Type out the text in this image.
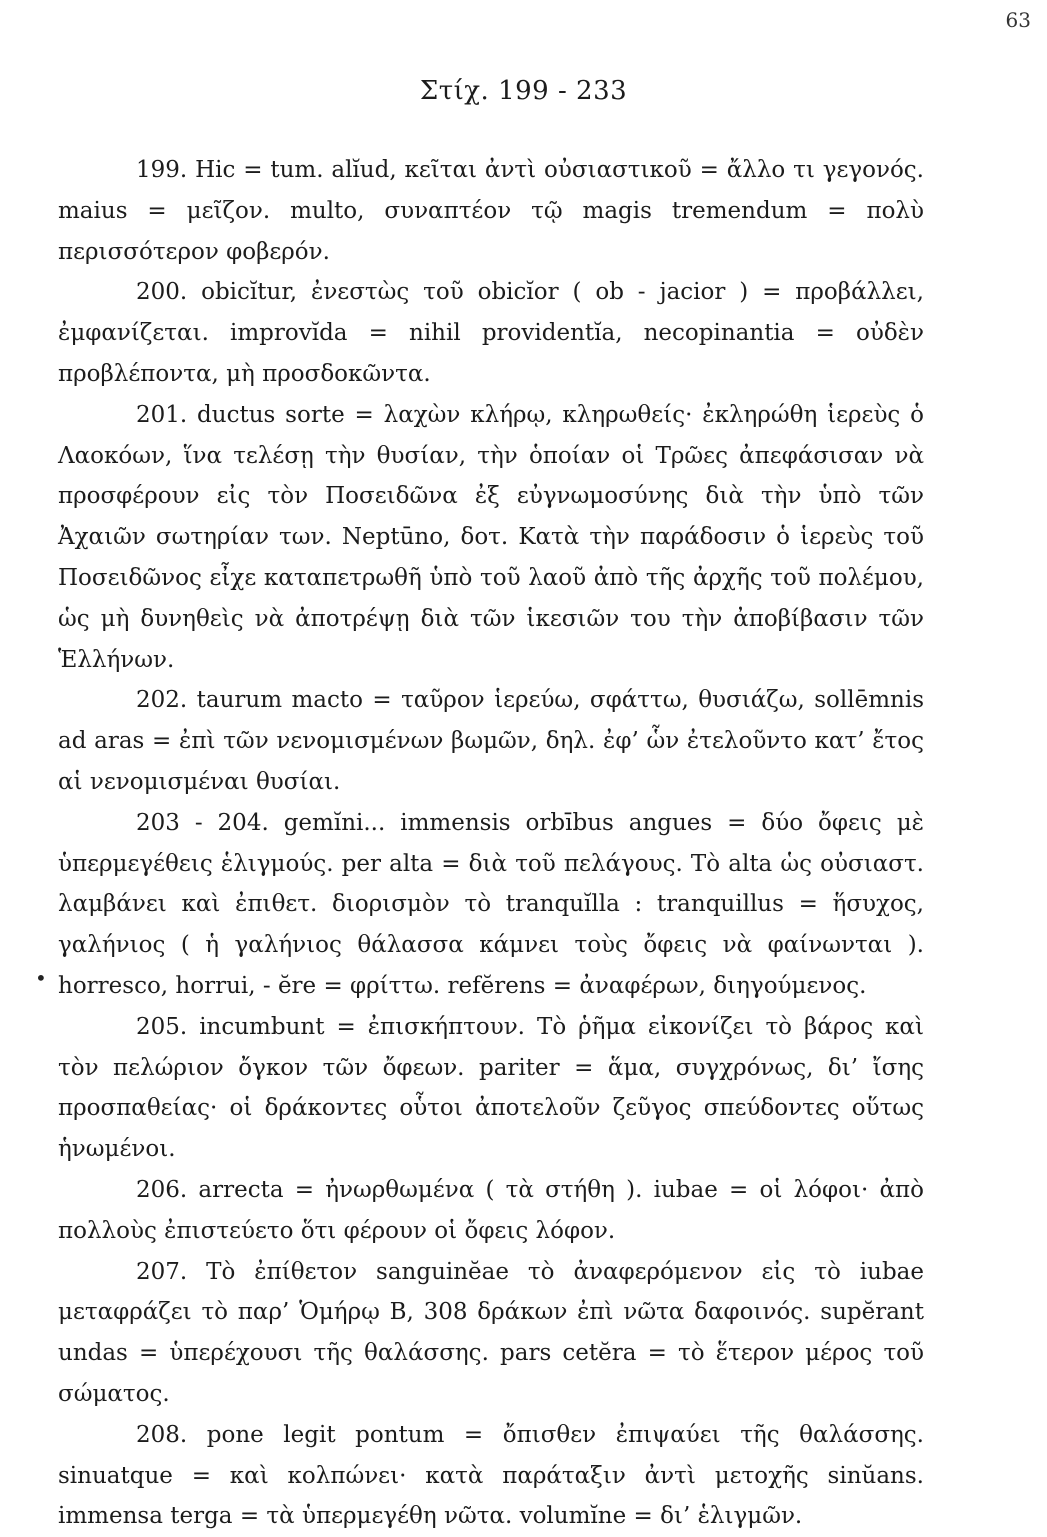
63
Στίχ. 199 - 233

199. Hic = tum. alĭud, κεῖται ἀντὶ οὐσιαστικοῦ = ἄλλο τι γεγονός. maius = μεῖζον. multo, συναπτέον τῷ magis tremendum = πολὺ περισσότερον φοβερόν.

200. obicĭtur, ἐνεστὼς τοῦ obicĭor ( ob - jacior ) = προβάλλει, ἐμφανίζεται. improvĭda = nihil providentĭa, necopinantia = οὐδὲν προβλέποντα, μὴ προσδοκῶντα.

201. ductus sorte = λαχὼν κλήρῳ, κληρωθείς· ἐκληρώθη ἱερεὺς ὁ Λαοκόων, ἵνα τελέσῃ τὴν θυσίαν, τὴν ὁποίαν οἱ Τρῶες ἀπεφάσισαν νὰ προσφέρουν εἰς τὸν Ποσειδῶνα ἐξ εὐγνωμοσύνης διὰ τὴν ὑπὸ τῶν Ἀχαιῶν σωτηρίαν των. Neptūno, δοτ. Κατὰ τὴν παράδοσιν ὁ ἱερεὺς τοῦ Ποσειδῶνος εἶχε καταπετρωθῆ ὑπὸ τοῦ λαοῦ ἀπὸ τῆς ἀρχῆς τοῦ πολέμου, ὡς μὴ δυνηθεὶς νὰ ἀποτρέψῃ διὰ τῶν ἱκεσιῶν του τὴν ἀποβίβασιν τῶν Ἑλλήνων.

202. taurum macto = ταῦρον ἱερεύω, σφάττω, θυσιάζω, sollēmnis ad aras = ἐπὶ τῶν νενομισμένων βωμῶν, δηλ. ἐφ’ ὧν ἐτελοῦντο κατ’ ἔτος αἱ νενομισμέναι θυσίαι.

203 - 204. gemĭni... immensis orbībus angues = δύο ὄφεις μὲ ὑπερμεγέθεις ἑλιγμούς. per alta = διὰ τοῦ πελάγους. Τὸ alta ὡς οὐσιαστ. λαμβάνει καὶ ἐπιθετ. διορισμὸν τὸ tranquĭlla : tranquillus = ἥσυχος, γαλήνιος ( ἡ γαλήνιος θάλασσα κάμνει τοὺς ὄφεις νὰ φαίνωνται ). horresco, horrui, - ĕre = φρίττω. refĕrens = ἀναφέρων, διηγούμενος.

205. incumbunt = ἐπισκήπτουν. Τὸ ῥῆμα εἰκονίζει τὸ βάρος καὶ τὸν πελώριον ὄγκον τῶν ὄφεων. pariter = ἅμα, συγχρόνως, δι’ ἴσης προσπαθείας· οἱ δράκοντες οὗτοι ἀποτελοῦν ζεῦγος σπεύδοντες οὕτως ἡνωμένοι.

206. arrecta = ἠνωρθωμένα ( τὰ στήθη ). iubae = οἱ λόφοι· ἀπὸ πολλοὺς ἐπιστεύετο ὅτι φέρουν οἱ ὄφεις λόφον.

207. Τὸ ἐπίθετον sanguinĕae τὸ ἀναφερόμενον εἰς τὸ iubae μεταφράζει τὸ παρ’ Ὁμήρῳ Β, 308 δράκων ἐπὶ νῶτα δαφοινός. supĕrant undas = ὑπερέχουσι τῆς θαλάσσης. pars cetĕra = τὸ ἕτερον μέρος τοῦ σώματος.

208. pone legit pontum = ὄπισθεν ἐπιψαύει τῆς θαλάσσης. sinuatque = καὶ κολπώνει· κατὰ παράταξιν ἀντὶ μετοχῆς sinŭans. immensa terga = τὰ ὑπερμεγέθη νῶτα. volumĭne = δι’ ἑλιγμῶν.

•
